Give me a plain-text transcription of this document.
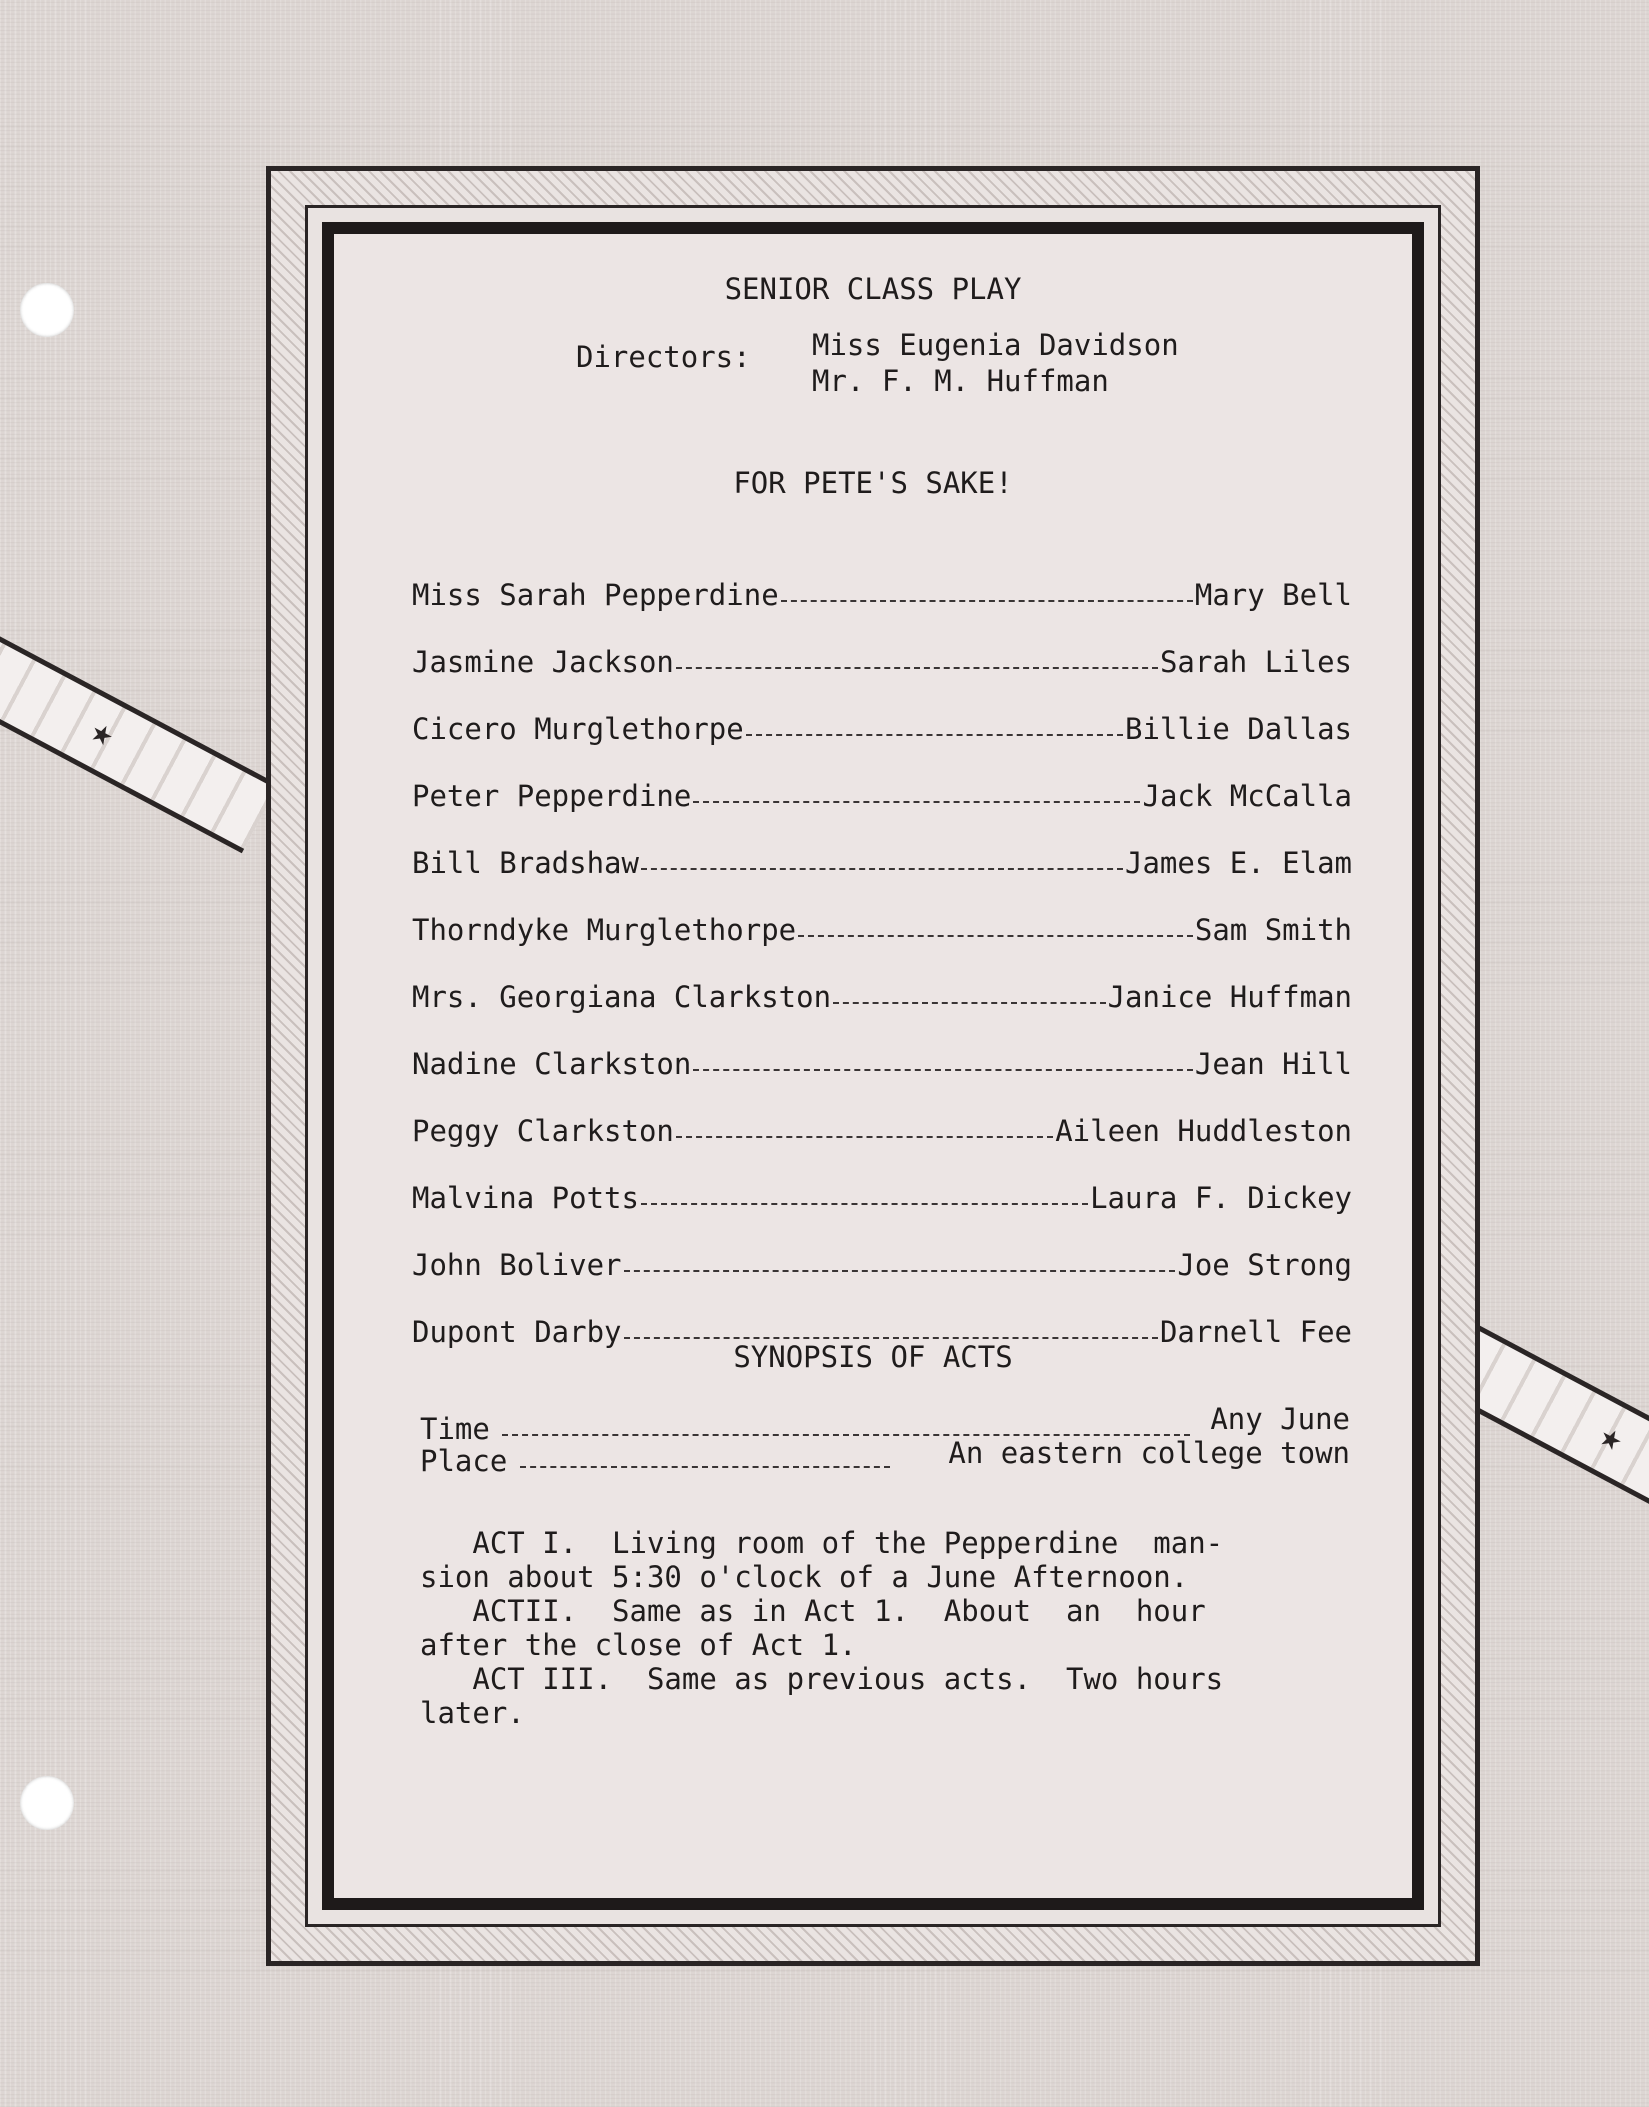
★
★
SENIOR CLASS PLAY
Directors: Miss Eugenia Davidson
Mr. F. M. Huffman
FOR PETE'S SAKE!
Miss Sarah Pepperdine	Mary Bell
Jasmine Jackson	Sarah Liles
Cicero Murglethorpe	Billie Dallas
Peter Pepperdine	Jack McCalla
Bill Bradshaw	James E. Elam
Thorndyke Murglethorpe	Sam Smith
Mrs. Georgiana Clarkston	Janice Huffman
Nadine Clarkston	Jean Hill
Peggy Clarkston	Aileen Huddleston
Malvina Potts	Laura F. Dickey
John Boliver	Joe Strong
Dupont Darby	Darnell Fee
SYNOPSIS OF ACTS
Time	Any June
Place	An eastern college town
ACT I.  Living room of the Pepperdine  man-
sion about 5:30 o'clock of a June Afternoon.
ACTII.  Same as in Act 1.  About  an  hour
after the close of Act 1.
ACT III.  Same as previous acts.  Two hours
later.
